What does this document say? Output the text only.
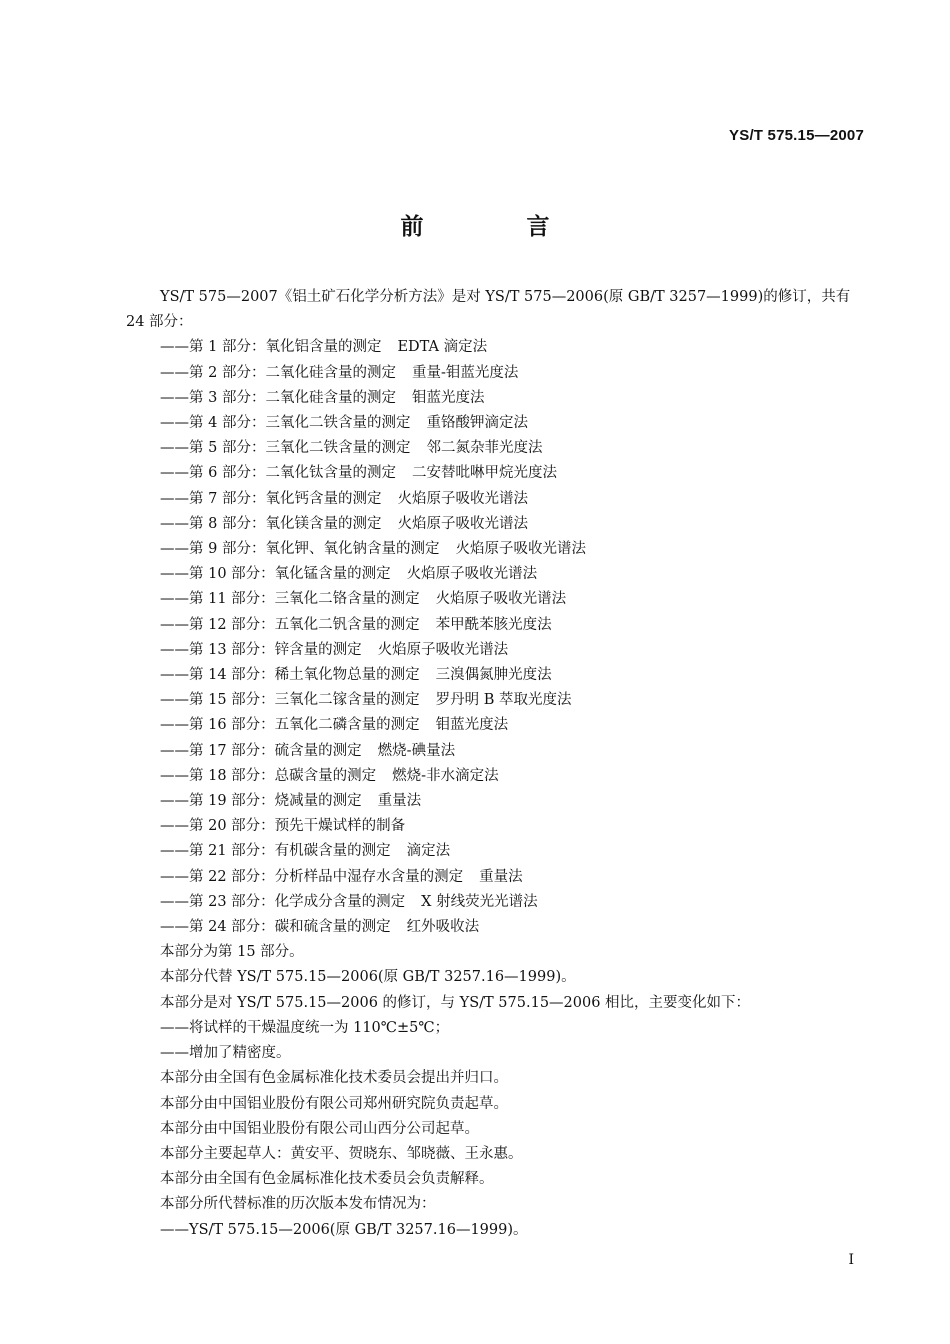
YS/T 575.15—2007
前　言

YS/T 575—2007《铝土矿石化学分析方法》是对 YS/T 575—2006(原 GB/T 3257—1999)的修订，共有 24 部分：

——第 1 部分：氧化铝含量的测定 EDTA 滴定法

——第 2 部分：二氧化硅含量的测定 重量-钼蓝光度法

——第 3 部分：二氧化硅含量的测定 钼蓝光度法

——第 4 部分：三氧化二铁含量的测定 重铬酸钾滴定法

——第 5 部分：三氧化二铁含量的测定 邻二氮杂菲光度法

——第 6 部分：二氧化钛含量的测定 二安替吡啉甲烷光度法

——第 7 部分：氧化钙含量的测定 火焰原子吸收光谱法

——第 8 部分：氧化镁含量的测定 火焰原子吸收光谱法

——第 9 部分：氧化钾、氧化钠含量的测定 火焰原子吸收光谱法

——第 10 部分：氧化锰含量的测定 火焰原子吸收光谱法

——第 11 部分：三氧化二铬含量的测定 火焰原子吸收光谱法

——第 12 部分：五氧化二钒含量的测定 苯甲酰苯胲光度法

——第 13 部分：锌含量的测定 火焰原子吸收光谱法

——第 14 部分：稀土氧化物总量的测定 三溴偶氮胂光度法

——第 15 部分：三氧化二镓含量的测定 罗丹明 B 萃取光度法

——第 16 部分：五氧化二磷含量的测定 钼蓝光度法

——第 17 部分：硫含量的测定 燃烧-碘量法

——第 18 部分：总碳含量的测定 燃烧-非水滴定法

——第 19 部分：烧减量的测定 重量法

——第 20 部分：预先干燥试样的制备

——第 21 部分：有机碳含量的测定 滴定法

——第 22 部分：分析样品中湿存水含量的测定 重量法

——第 23 部分：化学成分含量的测定 X 射线荧光光谱法

——第 24 部分：碳和硫含量的测定 红外吸收法

本部分为第 15 部分。

本部分代替 YS/T 575.15—2006(原 GB/T 3257.16—1999)。

本部分是对 YS/T 575.15—2006 的修订，与 YS/T 575.15—2006 相比，主要变化如下：

——将试样的干燥温度统一为 110℃±5℃；

——增加了精密度。

本部分由全国有色金属标准化技术委员会提出并归口。

本部分由中国铝业股份有限公司郑州研究院负责起草。

本部分由中国铝业股份有限公司山西分公司起草。

本部分主要起草人：黄安平、贺晓东、邹晓薇、王永惠。

本部分由全国有色金属标准化技术委员会负责解释。

本部分所代替标准的历次版本发布情况为：

——YS/T 575.15—2006(原 GB/T 3257.16—1999)。

I
